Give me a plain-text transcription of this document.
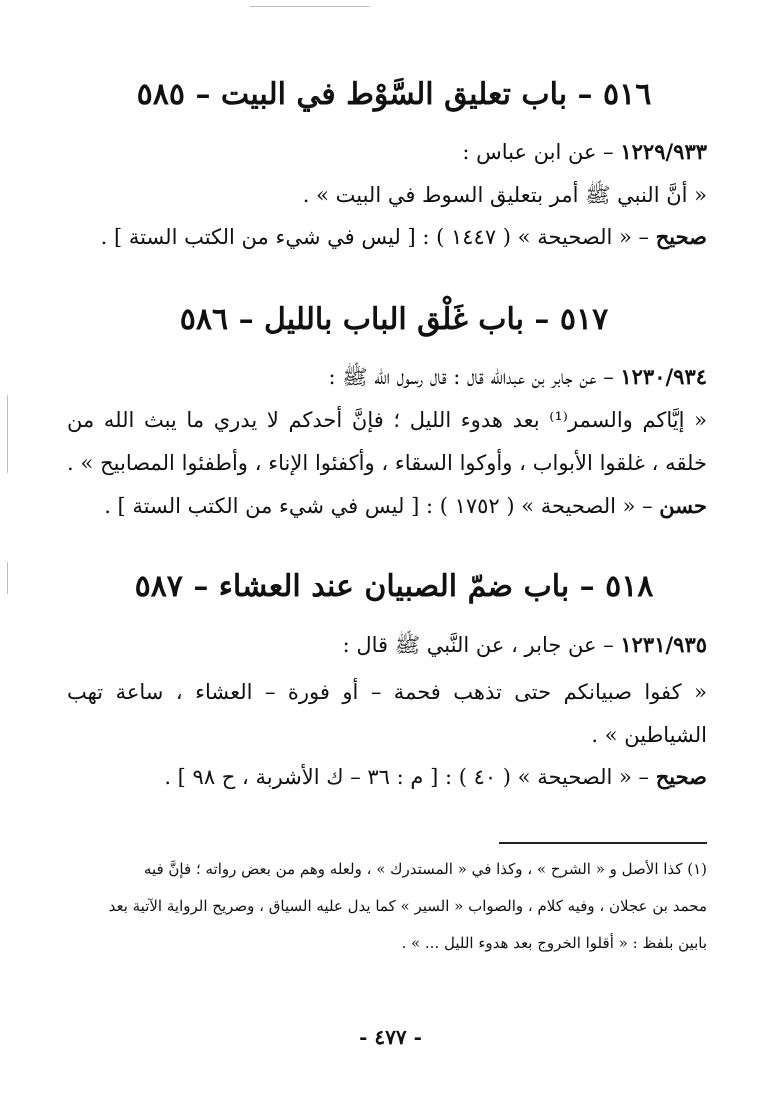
٥١٦ – باب تعليق السَّوْط في البيت – ٥٨٥
١٢٢٩/٩٣٣ – عن ابن عباس :
« أنَّ النبي ﷺ أمر بتعليق السوط في البيت » .
صحيح – « الصحيحة » ( ١٤٤٧ ) : [ ليس في شيء من الكتب الستة ] .
٥١٧ – باب غَلْق الباب بالليل – ٥٨٦
١٢٣٠/٩٣٤ – عن جابر بن عبدالله قال : قال رسول الله ﷺ :
« إيَّاكم والسمر⁽¹⁾ بعد هدوء الليل ؛ فإنَّ أحدكم لا يدري ما يبث الله من
خلقه ، غلقوا الأبواب ، وأوكوا السقاء ، وأكفئوا الإناء ، وأطفئوا المصابيح » .
حسن – « الصحيحة » ( ١٧٥٢ ) : [ ليس في شيء من الكتب الستة ] .
٥١٨ – باب ضمّ الصبيان عند العشاء – ٥٨٧
١٢٣١/٩٣٥ – عن جابر ، عن النَّبي ﷺ قال :
« كفوا صبيانكم حتى تذهب فحمة – أو فورة – العشاء ، ساعة تهب
الشياطين » .
صحيح – « الصحيحة » ( ٤٠ ) : [ م : ٣٦ – ك الأشربة ، ح ٩٨ ] .
(١) كذا الأصل و « الشرح » ، وكذا في « المستدرك » ، ولعله وهم من بعض رواته ؛ فإنَّ فيه
محمد بن عجلان ، وفيه كلام ، والصواب « السير » كما يدل عليه السياق ، وصريح الرواية الآتية بعد
بابين بلفظ : « أقلوا الخروج بعد هدوء الليل ... » .
- ٤٧٧ -
